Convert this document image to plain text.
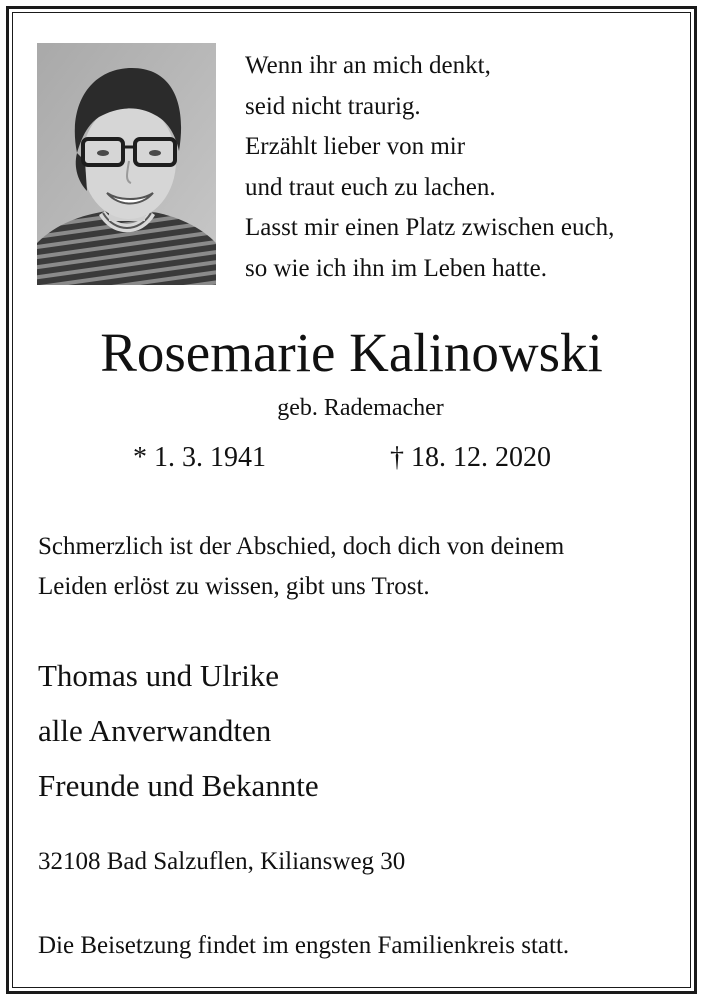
Wenn ihr an mich denkt,
seid nicht traurig.
Erzählt lieber von mir
und traut euch zu lachen.
Lasst mir einen Platz zwischen euch,
so wie ich ihn im Leben hatte.
Rosemarie Kalinowski
geb. Rademacher
* 1. 3. 1941	† 18. 12. 2020
Schmerzlich ist der Abschied, doch dich von deinem
Leiden erlöst zu wissen, gibt uns Trost.
Thomas und Ulrike
alle Anverwandten
Freunde und Bekannte
32108 Bad Salzuflen, Kiliansweg 30
Die Beisetzung findet im engsten Familienkreis statt.
